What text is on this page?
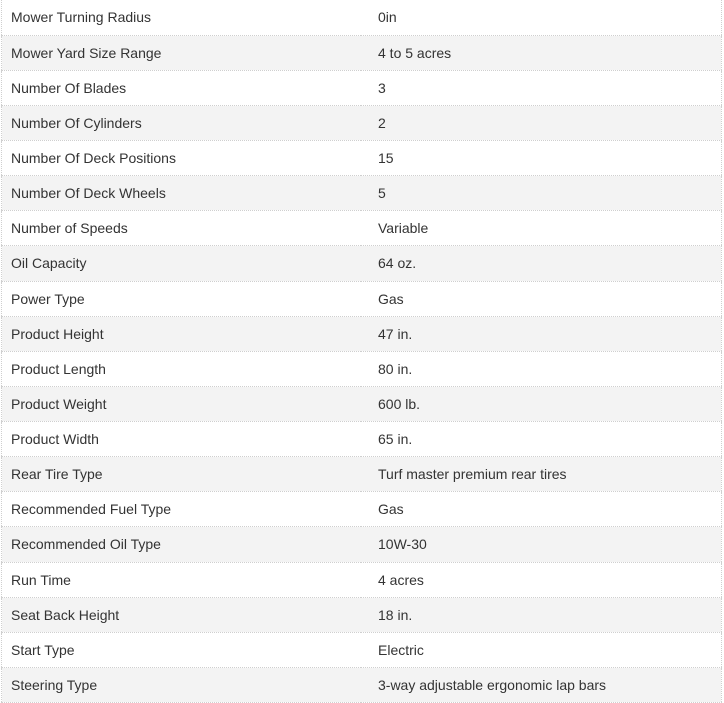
Mower Turning Radius	0in
Mower Yard Size Range	4 to 5 acres
Number Of Blades	3
Number Of Cylinders	2
Number Of Deck Positions	15
Number Of Deck Wheels	5
Number of Speeds	Variable
Oil Capacity	64 oz.
Power Type	Gas
Product Height	47 in.
Product Length	80 in.
Product Weight	600 lb.
Product Width	65 in.
Rear Tire Type	Turf master premium rear tires
Recommended Fuel Type	Gas
Recommended Oil Type	10W-30
Run Time	4 acres
Seat Back Height	18 in.
Start Type	Electric
Steering Type	3-way adjustable ergonomic lap bars
